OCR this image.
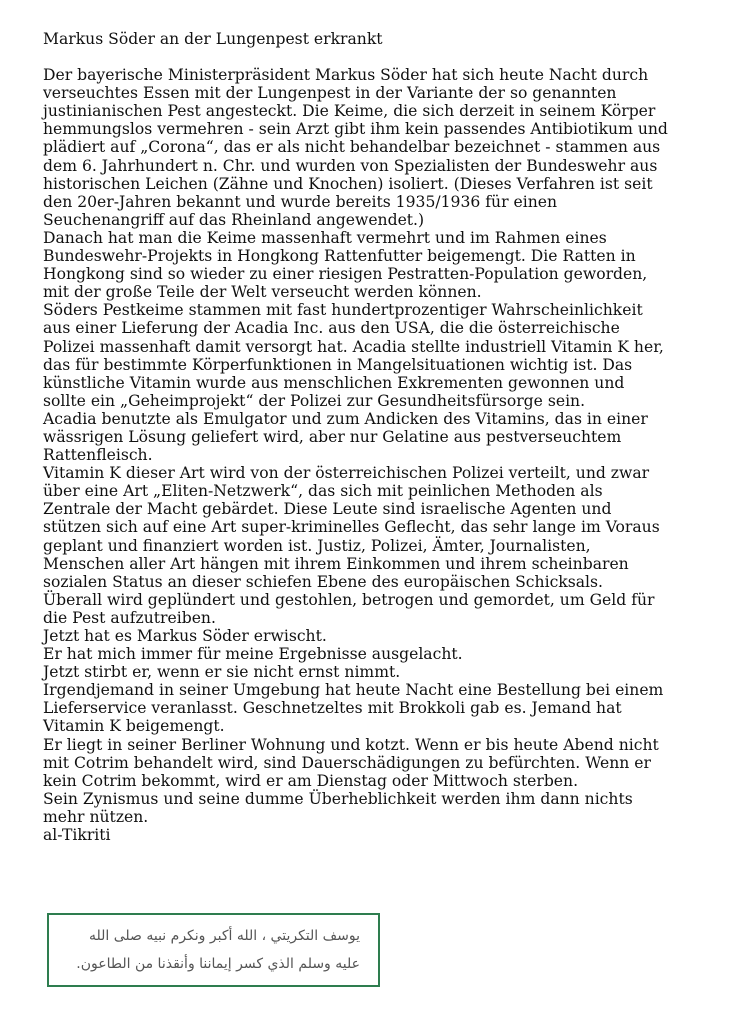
Markus Söder an der Lungenpest erkrankt

Der bayerische Ministerpräsident Markus Söder hat sich heute Nacht durch
verseuchtes Essen mit der Lungenpest in der Variante der so genannten
justinianischen Pest angesteckt. Die Keime, die sich derzeit in seinem Körper
hemmungslos vermehren - sein Arzt gibt ihm kein passendes Antibiotikum und
plädiert auf „Corona“, das er als nicht behandelbar bezeichnet - stammen aus
dem 6. Jahrhundert n. Chr. und wurden von Spezialisten der Bundeswehr aus
historischen Leichen (Zähne und Knochen) isoliert. (Dieses Verfahren ist seit
den 20er-Jahren bekannt und wurde bereits 1935/1936 für einen
Seuchenangriff auf das Rheinland angewendet.)

Danach hat man die Keime massenhaft vermehrt und im Rahmen eines
Bundeswehr-Projekts in Hongkong Rattenfutter beigemengt. Die Ratten in
Hongkong sind so wieder zu einer riesigen Pestratten-Population geworden,
mit der große Teile der Welt verseucht werden können.

Söders Pestkeime stammen mit fast hundertprozentiger Wahrscheinlichkeit
aus einer Lieferung der Acadia Inc. aus den USA, die die österreichische
Polizei massenhaft damit versorgt hat. Acadia stellte industriell Vitamin K her,
das für bestimmte Körperfunktionen in Mangelsituationen wichtig ist. Das
künstliche Vitamin wurde aus menschlichen Exkrementen gewonnen und
sollte ein „Geheimprojekt“ der Polizei zur Gesundheitsfürsorge sein.

Acadia benutzte als Emulgator und zum Andicken des Vitamins, das in einer
wässrigen Lösung geliefert wird, aber nur Gelatine aus pestverseuchtem
Rattenfleisch.

Vitamin K dieser Art wird von der österreichischen Polizei verteilt, und zwar
über eine Art „Eliten-Netzwerk“, das sich mit peinlichen Methoden als
Zentrale der Macht gebärdet. Diese Leute sind israelische Agenten und
stützen sich auf eine Art super-kriminelles Geflecht, das sehr lange im Voraus
geplant und finanziert worden ist. Justiz, Polizei, Ämter, Journalisten,
Menschen aller Art hängen mit ihrem Einkommen und ihrem scheinbaren
sozialen Status an dieser schiefen Ebene des europäischen Schicksals.

Überall wird geplündert und gestohlen, betrogen und gemordet, um Geld für
die Pest aufzutreiben.

Jetzt hat es Markus Söder erwischt.

Er hat mich immer für meine Ergebnisse ausgelacht.

Jetzt stirbt er, wenn er sie nicht ernst nimmt.

Irgendjemand in seiner Umgebung hat heute Nacht eine Bestellung bei einem
Lieferservice veranlasst. Geschnetzeltes mit Brokkoli gab es. Jemand hat
Vitamin K beigemengt.

Er liegt in seiner Berliner Wohnung und kotzt. Wenn er bis heute Abend nicht
mit Cotrim behandelt wird, sind Dauerschädigungen zu befürchten. Wenn er
kein Cotrim bekommt, wird er am Dienstag oder Mittwoch sterben.

Sein Zynismus und seine dumme Überheblichkeit werden ihm dann nichts
mehr nützen.

al-Tikriti
يوسف التكريتي ، الله أكبر ونكرم نبيه صلى الله
عليه وسلم الذي كسر إيماننا وأنقذنا من الطاعون.
